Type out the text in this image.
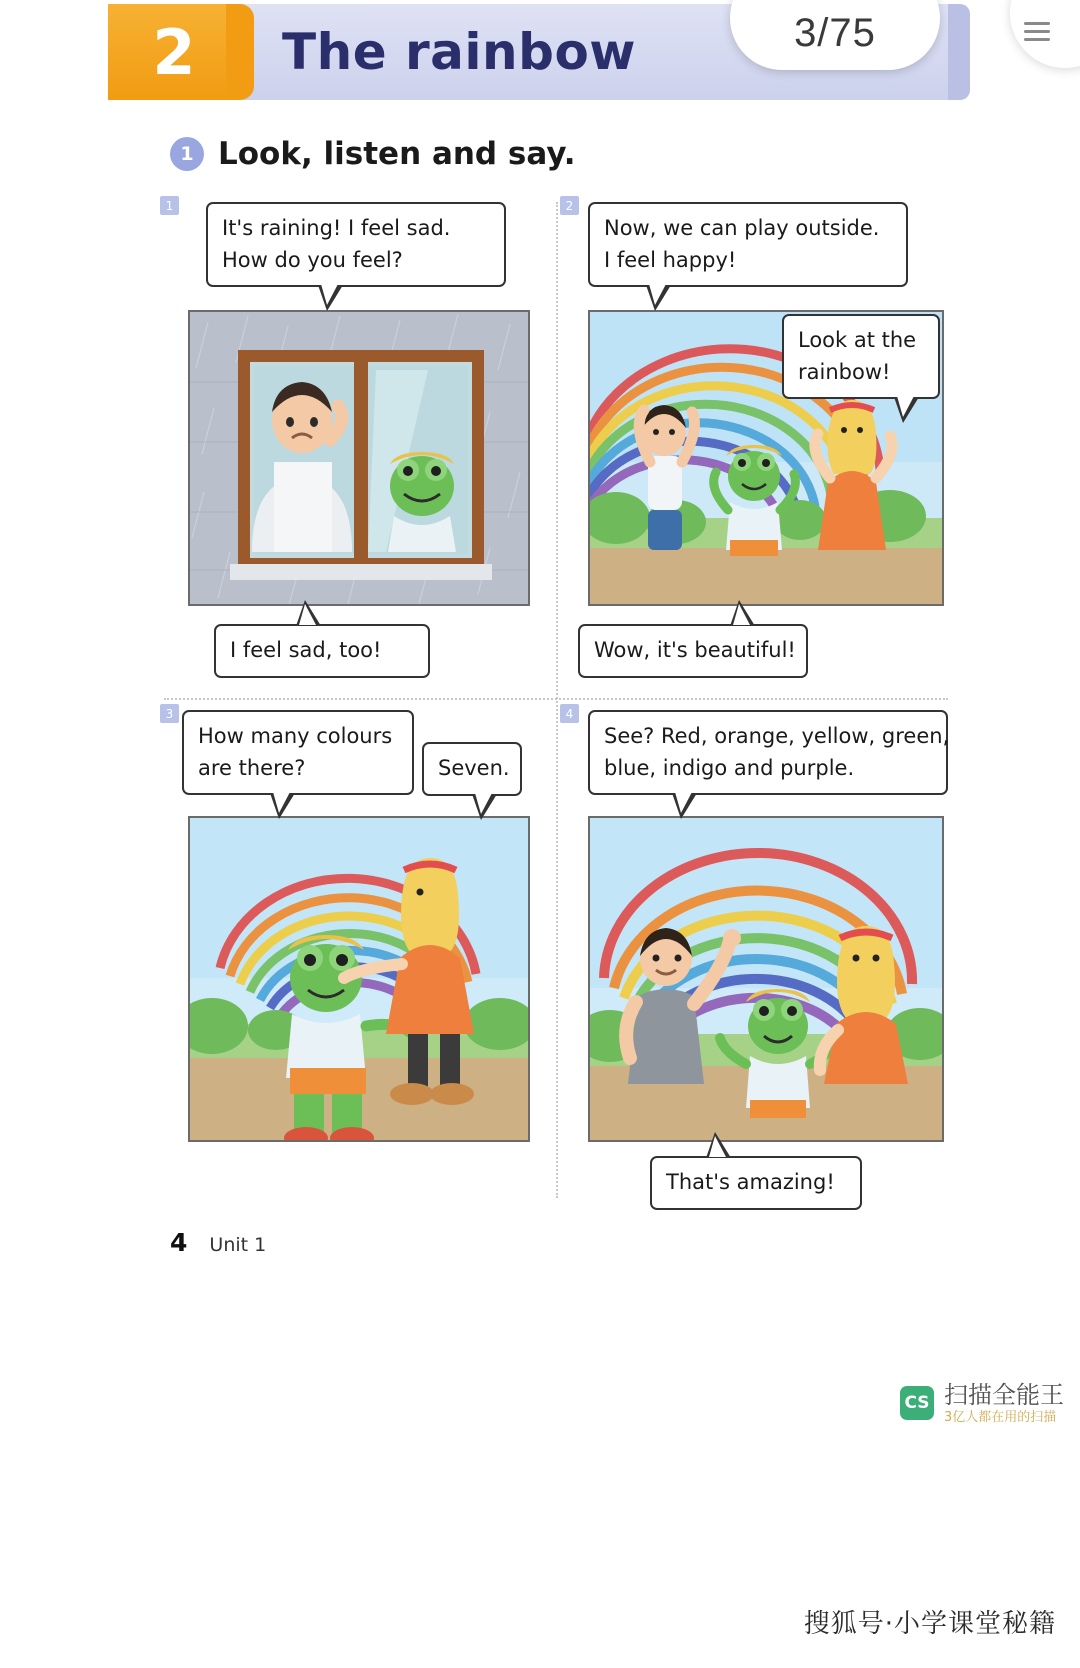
3/75
2	The rainbow
1 Look, listen and say.
1
It's raining! I feel sad.
How do you feel?
I feel sad, too!
2
Now, we can play outside.
I feel happy!
Look at the
rainbow!
Wow, it's beautiful!
3
How many colours
are there?	Seven.
4
See? Red, orange, yellow, green,
blue, indigo and purple.
That's amazing!
4 Unit 1
CS 扫描全能王
3亿人都在用的扫描
搜狐号·小学课堂秘籍
